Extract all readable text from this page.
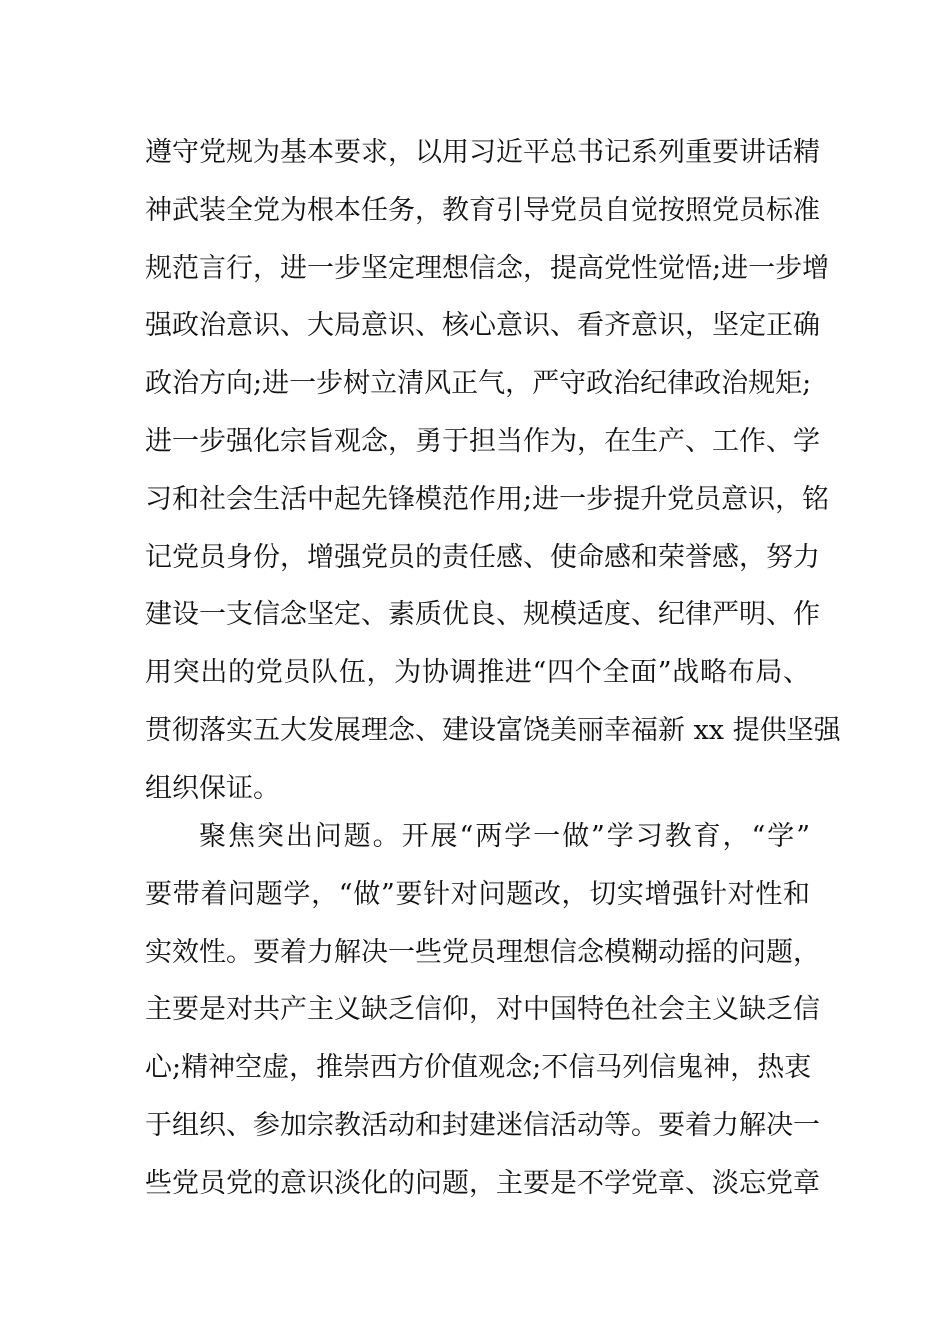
遵守党规为基本要求，以用习近平总书记系列重要讲话精
神武装全党为根本任务，教育引导党员自觉按照党员标准
规范言行，进一步坚定理想信念，提高党性觉悟;进一步增
强政治意识、大局意识、核心意识、看齐意识，坚定正确
政治方向;进一步树立清风正气，严守政治纪律政治规矩;
进一步强化宗旨观念，勇于担当作为，在生产、工作、学
习和社会生活中起先锋模范作用;进一步提升党员意识，铭
记党员身份，增强党员的责任感、使命感和荣誉感，努力
建设一支信念坚定、素质优良、规模适度、纪律严明、作
用突出的党员队伍，为协调推进“四个全面”战略布局、
贯彻落实五大发展理念、建设富饶美丽幸福新 xx 提供坚强
组织保证。
聚焦突出问题。开展“两学一做”学习教育，“学”
要带着问题学，“做”要针对问题改，切实增强针对性和
实效性。要着力解决一些党员理想信念模糊动摇的问题，
主要是对共产主义缺乏信仰，对中国特色社会主义缺乏信
心;精神空虚，推崇西方价值观念;不信马列信鬼神，热衷
于组织、参加宗教活动和封建迷信活动等。要着力解决一
些党员党的意识淡化的问题，主要是不学党章、淡忘党章
